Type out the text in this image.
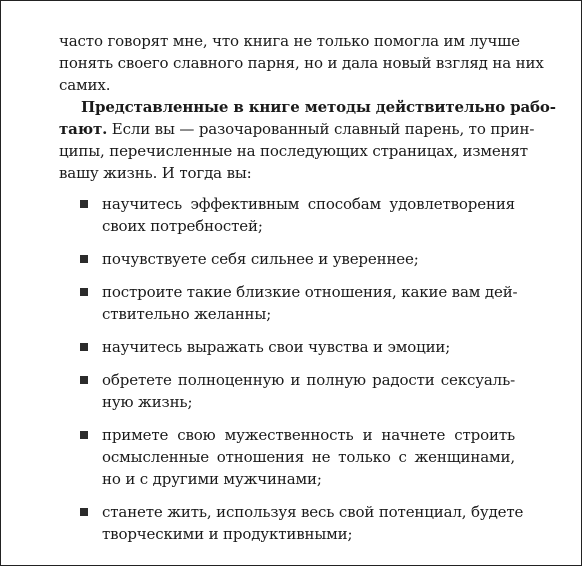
часто говорят мне, что книга не только помогла им лучше
понять своего славного парня, но и дала новый взгляд на них
самих.
Представленные в книге методы действительно рабо-
тают. Если вы — разочарованный славный парень, то прин-
ципы, перечисленные на последующих страницах, изменят
вашу жизнь. И тогда вы:
научитесь эффективным способам удовлетворения
своих потребностей;
почувствуете себя сильнее и увереннее;
построите такие близкие отношения, какие вам дей-
ствительно желанны;
научитесь выражать свои чувства и эмоции;
обретете полноценную и полную радости сексуаль-
ную жизнь;
примете свою мужественность и начнете строить
осмысленные отношения не только с женщинами,
но и с другими мужчинами;
станете жить, используя весь свой потенциал, будете
творческими и продуктивными;
